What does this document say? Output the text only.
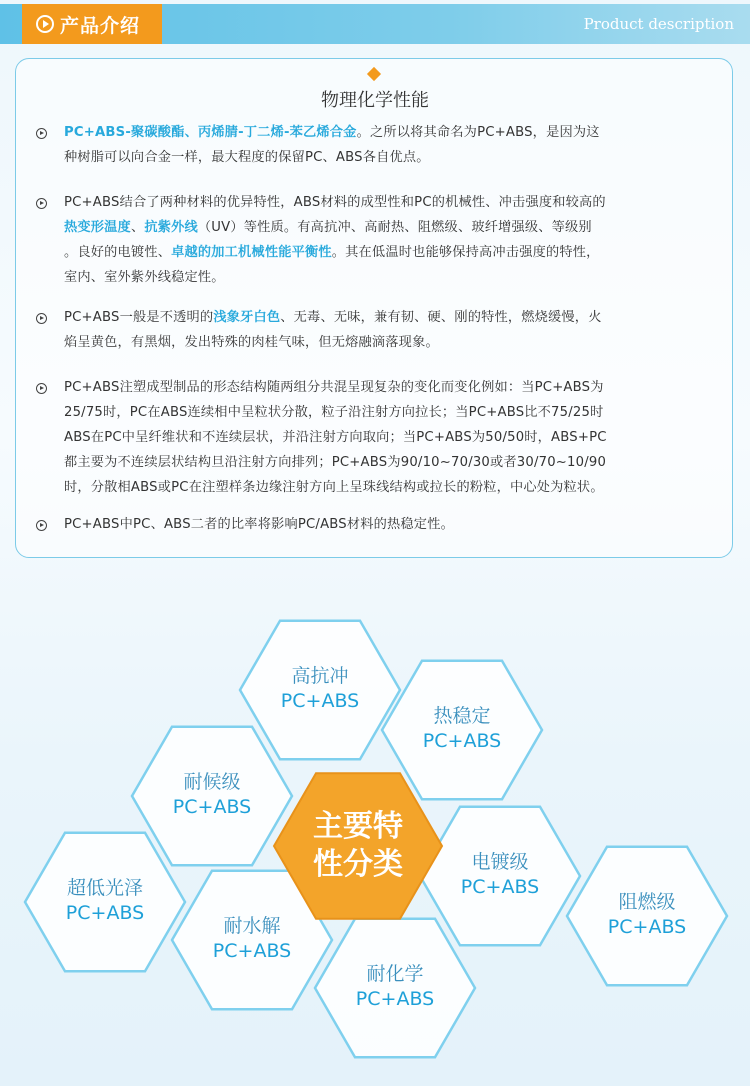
产品介绍	Product description
物理化学性能
PC+ABS-聚碳酸酯、丙烯腈-丁二烯-苯乙烯合金。之所以将其命名为PC+ABS，是因为这
种树脂可以向合金一样，最大程度的保留PC、ABS各自优点。
PC+ABS结合了两种材料的优异特性，ABS材料的成型性和PC的机械性、冲击强度和较高的
热变形温度、抗紫外线（UV）等性质。有高抗冲、高耐热、阻燃级、玻纤增强级、等级别
。良好的电镀性、卓越的加工机械性能平衡性。其在低温时也能够保持高冲击强度的特性，
室内、室外紫外线稳定性。
PC+ABS一般是不透明的浅象牙白色、无毒、无味，兼有韧、硬、刚的特性，燃烧缓慢，火
焰呈黄色，有黑烟，发出特殊的肉桂气味，但无熔融滴落现象。
PC+ABS注塑成型制品的形态结构随两组分共混呈现复杂的变化而变化例如：当PC+ABS为
25/75时，PC在ABS连续相中呈粒状分散，粒子沿注射方向拉长；当PC+ABS比不75/25时
ABS在PC中呈纤维状和不连续层状，并沿注射方向取向；当PC+ABS为50/50时，ABS+PC
都主要为不连续层状结构旦沿注射方向排列；PC+ABS为90/10~70/30或者30/70~10/90
时，分散相ABS或PC在注塑样条边缘注射方向上呈珠线结构或拉长的粉粒，中心处为粒状。
PC+ABS中PC、ABS二者的比率将影响PC/ABS材料的热稳定性。
高抗冲
PC+ABS
热稳定
PC+ABS
耐候级
PC+ABS
电镀级
PC+ABS
超低光泽
PC+ABS	阻燃级
PC+ABS
耐水解
PC+ABS
耐化学
PC+ABS
主要特
性分类
